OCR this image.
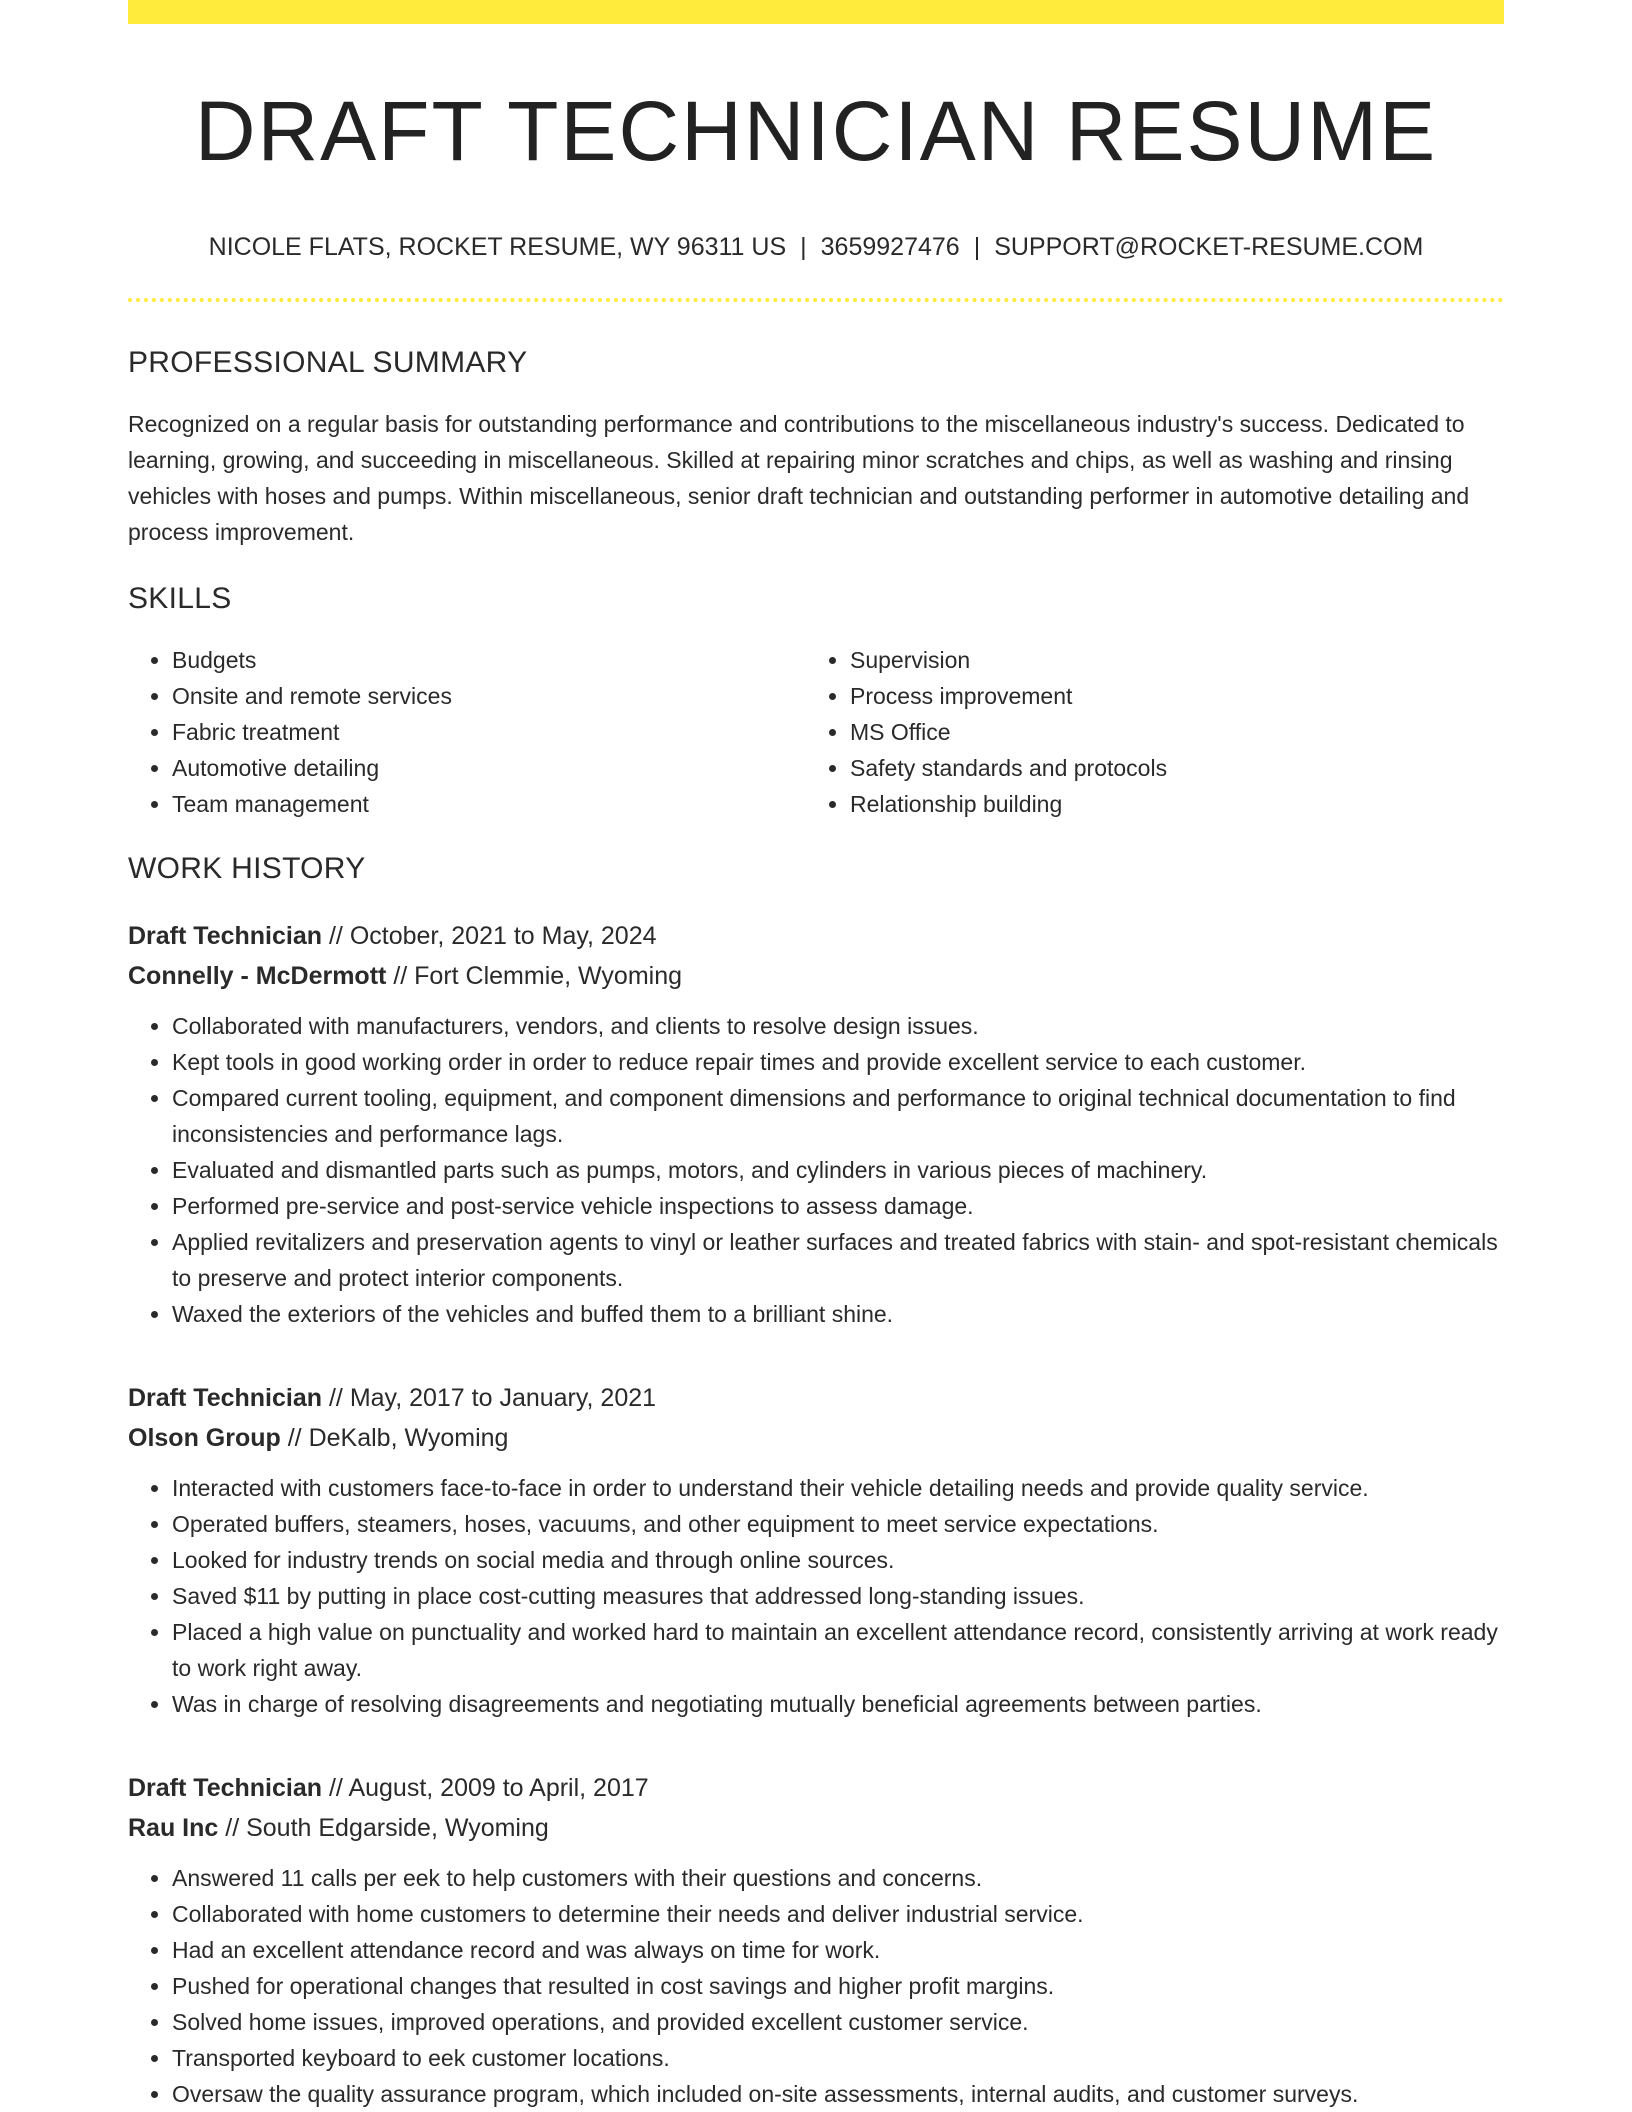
DRAFT TECHNICIAN RESUME
NICOLE FLATS, ROCKET RESUME, WY 96311 US | 3659927476 | SUPPORT@ROCKET-RESUME.COM
PROFESSIONAL SUMMARY
Recognized on a regular basis for outstanding performance and contributions to the miscellaneous industry's success. Dedicated to learning, growing, and succeeding in miscellaneous. Skilled at repairing minor scratches and chips, as well as washing and rinsing vehicles with hoses and pumps. Within miscellaneous, senior draft technician and outstanding performer in automotive detailing and process improvement.
SKILLS
• Budgets
• Onsite and remote services
• Fabric treatment
• Automotive detailing
• Team management
• Supervision
• Process improvement
• MS Office
• Safety standards and protocols
• Relationship building
WORK HISTORY
Draft Technician // October, 2021 to May, 2024
Connelly - McDermott // Fort Clemmie, Wyoming
• Collaborated with manufacturers, vendors, and clients to resolve design issues.
• Kept tools in good working order in order to reduce repair times and provide excellent service to each customer.
• Compared current tooling, equipment, and component dimensions and performance to original technical documentation to find inconsistencies and performance lags.
• Evaluated and dismantled parts such as pumps, motors, and cylinders in various pieces of machinery.
• Performed pre-service and post-service vehicle inspections to assess damage.
• Applied revitalizers and preservation agents to vinyl or leather surfaces and treated fabrics with stain- and spot-resistant chemicals to preserve and protect interior components.
• Waxed the exteriors of the vehicles and buffed them to a brilliant shine.
Draft Technician // May, 2017 to January, 2021
Olson Group // DeKalb, Wyoming
• Interacted with customers face-to-face in order to understand their vehicle detailing needs and provide quality service.
• Operated buffers, steamers, hoses, vacuums, and other equipment to meet service expectations.
• Looked for industry trends on social media and through online sources.
• Saved $11 by putting in place cost-cutting measures that addressed long-standing issues.
• Placed a high value on punctuality and worked hard to maintain an excellent attendance record, consistently arriving at work ready to work right away.
• Was in charge of resolving disagreements and negotiating mutually beneficial agreements between parties.
Draft Technician // August, 2009 to April, 2017
Rau Inc // South Edgarside, Wyoming
• Answered 11 calls per eek to help customers with their questions and concerns.
• Collaborated with home customers to determine their needs and deliver industrial service.
• Had an excellent attendance record and was always on time for work.
• Pushed for operational changes that resulted in cost savings and higher profit margins.
• Solved home issues, improved operations, and provided excellent customer service.
• Transported keyboard to eek customer locations.
• Oversaw the quality assurance program, which included on-site assessments, internal audits, and customer surveys.
